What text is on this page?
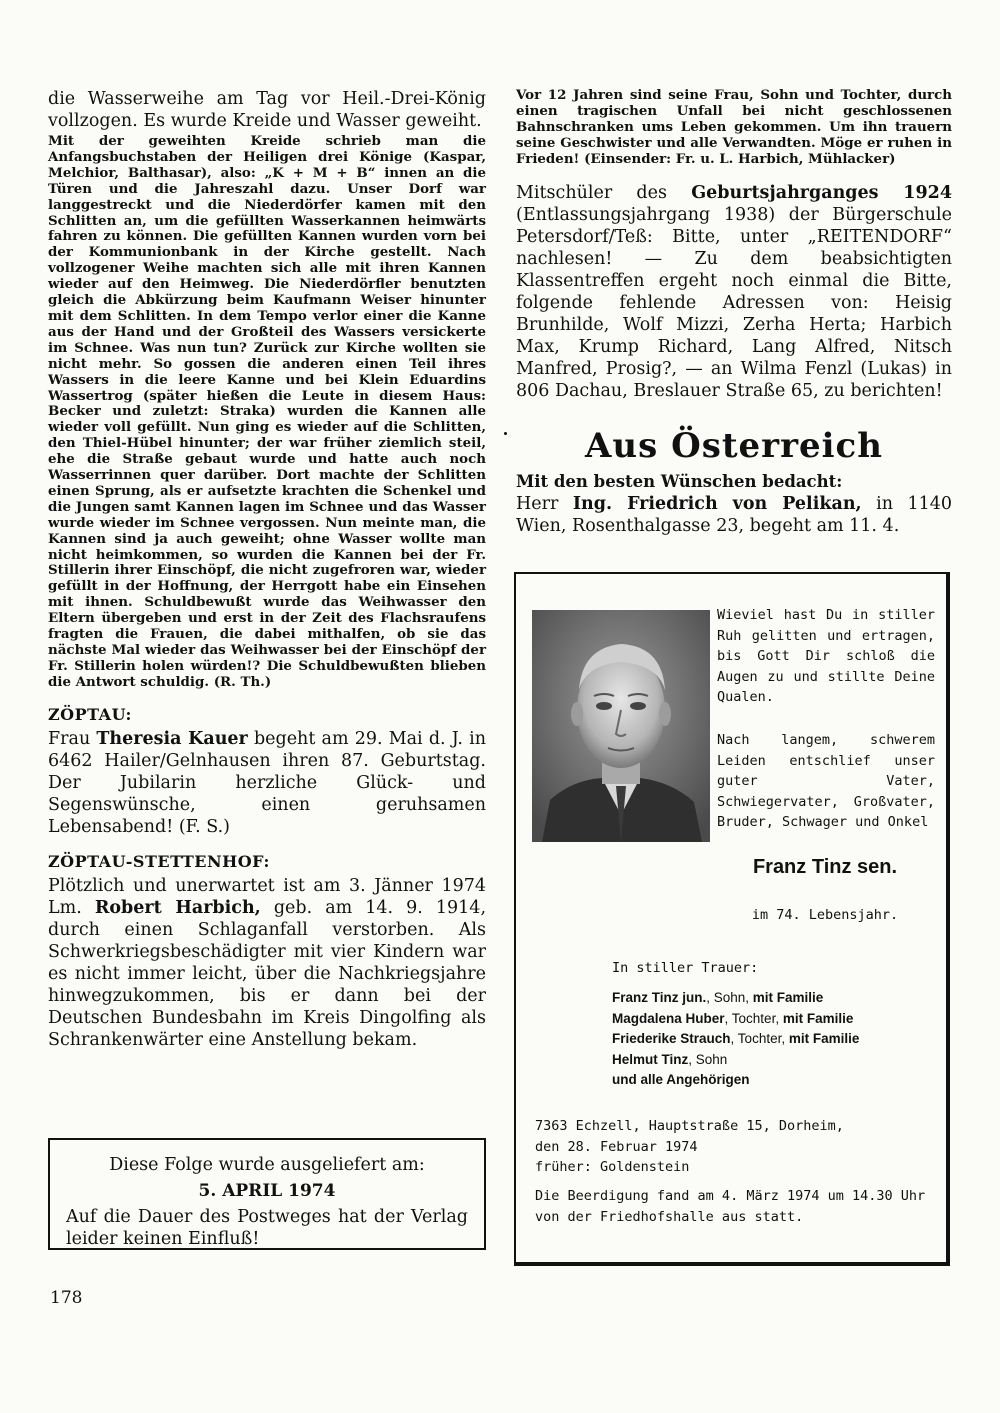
die Wasserweihe am Tag vor Heil.-Drei-König vollzogen. Es wurde Kreide und Wasser geweiht.

Mit der geweihten Kreide schrieb man die Anfangsbuchstaben der Heiligen drei Könige (Kaspar, Melchior, Balthasar), also: „K + M + B“ innen an die Türen und die Jahreszahl dazu. Unser Dorf war langgestreckt und die Niederdörfer kamen mit den Schlitten an, um die gefüllten Wasserkannen heimwärts fahren zu können. Die gefüllten Kannen wurden vorn bei der Kommunionbank in der Kirche gestellt. Nach vollzogener Weihe machten sich alle mit ihren Kannen wieder auf den Heimweg. Die Niederdörfler benutzten gleich die Abkürzung beim Kaufmann Weiser hinunter mit dem Schlitten. In dem Tempo verlor einer die Kanne aus der Hand und der Großteil des Wassers versickerte im Schnee. Was nun tun? Zurück zur Kirche wollten sie nicht mehr. So gossen die anderen einen Teil ihres Wassers in die leere Kanne und bei Klein Eduardins Wassertrog (später hießen die Leute in diesem Haus: Becker und zuletzt: Straka) wurden die Kannen alle wieder voll gefüllt. Nun ging es wieder auf die Schlitten, den Thiel-Hübel hinunter; der war früher ziemlich steil, ehe die Straße gebaut wurde und hatte auch noch Wasserrinnen quer darüber. Dort machte der Schlitten einen Sprung, als er aufsetzte krachten die Schenkel und die Jungen samt Kannen lagen im Schnee und das Wasser wurde wieder im Schnee vergossen. Nun meinte man, die Kannen sind ja auch geweiht; ohne Wasser wollte man nicht heimkommen, so wurden die Kannen bei der Fr. Stillerin ihrer Einschöpf, die nicht zugefroren war, wieder gefüllt in der Hoffnung, der Herrgott habe ein Einsehen mit ihnen. Schuldbewußt wurde das Weihwasser den Eltern übergeben und erst in der Zeit des Flachsraufens fragten die Frauen, die dabei mithalfen, ob sie das nächste Mal wieder das Weihwasser bei der Einschöpf der Fr. Stillerin holen würden!? Die Schuldbewußten blieben die Antwort schuldig. (R. Th.)

ZÖPTAU:

Frau Theresia Kauer begeht am 29. Mai d. J. in 6462 Hailer/Gelnhausen ihren 87. Geburtstag. Der Jubilarin herzliche Glück- und Segenswünsche, einen geruhsamen Lebensabend! (F. S.)

ZÖPTAU-STETTENHOF:

Plötzlich und unerwartet ist am 3. Jänner 1974 Lm. Robert Harbich, geb. am 14. 9. 1914, durch einen Schlaganfall verstorben. Als Schwerkriegsbeschädigter mit vier Kindern war es nicht immer leicht, über die Nachkriegsjahre hinwegzukommen, bis er dann bei der Deutschen Bundesbahn im Kreis Dingolfing als Schrankenwärter eine Anstellung bekam.

Diese Folge wurde ausgeliefert am:
5. APRIL 1974
Auf die Dauer des Postweges hat der Verlag leider keinen Einfluß!
178

Vor 12 Jahren sind seine Frau, Sohn und Tochter, durch einen tragischen Unfall bei nicht geschlossenen Bahnschranken ums Leben gekommen. Um ihn trauern seine Geschwister und alle Verwandten. Möge er ruhen in Frieden! (Einsender: Fr. u. L. Harbich, Mühlacker)

Mitschüler des Geburtsjahrganges 1924 (Entlassungsjahrgang 1938) der Bürgerschule Petersdorf/Teß: Bitte, unter „REITENDORF“ nachlesen! — Zu dem beabsichtigten Klassentreffen ergeht noch einmal die Bitte, folgende fehlende Adressen von: Heisig Brunhilde, Wolf Mizzi, Zerha Herta; Harbich Max, Krump Richard, Lang Alfred, Nitsch Manfred, Prosig?, — an Wilma Fenzl (Lukas) in 806 Dachau, Breslauer Straße 65, zu berichten!

Aus Österreich
Mit den besten Wünschen bedacht:

Herr Ing. Friedrich von Pelikan, in 1140 Wien, Rosenthalgasse 23, begeht am 11. 4.

Wieviel hast Du in stiller Ruh gelitten und ertragen, bis Gott Dir schloß die Augen zu und stillte Deine Qualen.

Nach langem, schwerem Leiden entschlief unser guter Vater, Schwiegervater, Großvater, Bruder, Schwager und Onkel

Franz Tinz sen.
im 74. Lebensjahr.
In stiller Trauer:
Franz Tinz jun., Sohn, mit Familie
Magdalena Huber, Tochter, mit Familie
Friederike Strauch, Tochter, mit Familie
Helmut Tinz, Sohn
und alle Angehörigen
7363 Echzell, Hauptstraße 15, Dorheim,
den 28. Februar 1974
früher: Goldenstein

Die Beerdigung fand am 4. März 1974 um 14.30 Uhr von der Friedhofshalle aus statt.
